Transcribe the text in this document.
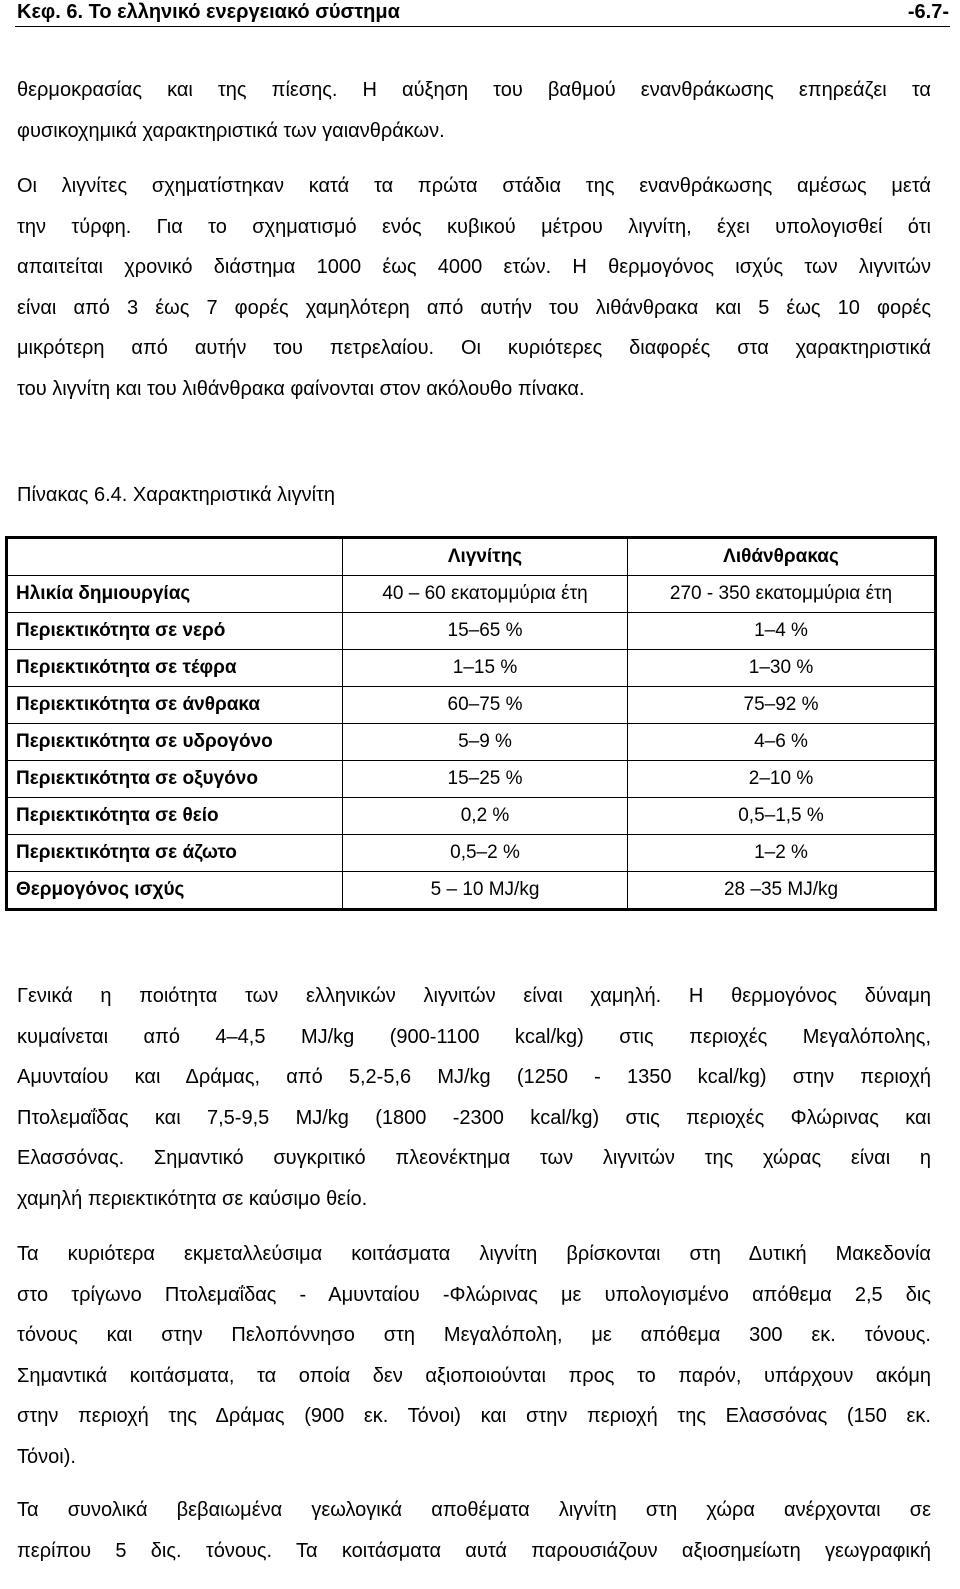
Κεφ. 6. Το ελληνικό ενεργειακό σύστημα	-6.7-
θερμοκρασίας και της πίεσης. Η αύξηση του βαθμού ενανθράκωσης επηρεάζει τα
φυσικοχημικά χαρακτηριστικά των γαιανθράκων.
Οι λιγνίτες σχηματίστηκαν κατά τα πρώτα στάδια της ενανθράκωσης αμέσως μετά
την τύρφη. Για το σχηματισμό ενός κυβικού μέτρου λιγνίτη, έχει υπολογισθεί ότι
απαιτείται χρονικό διάστημα 1000 έως 4000 ετών. Η θερμογόνος ισχύς των λιγνιτών
είναι από 3 έως 7 φορές χαμηλότερη από αυτήν του λιθάνθρακα και 5 έως 10 φορές
μικρότερη από αυτήν του πετρελαίου. Οι κυριότερες διαφορές στα χαρακτηριστικά
του λιγνίτη και του λιθάνθρακα φαίνονται στον ακόλουθο πίνακα.
Πίνακας 6.4. Χαρακτηριστικά λιγνίτη
	Λιγνίτης	Λιθάνθρακας
Ηλικία δημιουργίας	40 – 60 εκατομμύρια έτη	270 - 350 εκατομμύρια έτη
Περιεκτικότητα σε νερό	15–65 %	1–4 %
Περιεκτικότητα σε τέφρα	1–15 %	1–30 %
Περιεκτικότητα σε άνθρακα	60–75 %	75–92 %
Περιεκτικότητα σε υδρογόνο	5–9 %	4–6 %
Περιεκτικότητα σε οξυγόνο	15–25 %	2–10 %
Περιεκτικότητα σε θείο	0,2 %	0,5–1,5 %
Περιεκτικότητα σε άζωτο	0,5–2 %	1–2 %
Θερμογόνος ισχύς	5 – 10 MJ/kg	28 –35 MJ/kg
Γενικά η ποιότητα των ελληνικών λιγνιτών είναι χαμηλή. Η θερμογόνος δύναμη
κυμαίνεται από 4–4,5 MJ/kg (900-1100 kcal/kg) στις περιοχές Μεγαλόπολης,
Αμυνταίου και Δράμας, από 5,2-5,6 MJ/kg (1250 - 1350 kcal/kg) στην περιοχή
Πτολεμαΐδας και 7,5-9,5 MJ/kg (1800 -2300 kcal/kg) στις περιοχές Φλώρινας και
Ελασσόνας. Σημαντικό συγκριτικό πλεονέκτημα των λιγνιτών της χώρας είναι η
χαμηλή περιεκτικότητα σε καύσιμο θείο.
Τα κυριότερα εκμεταλλεύσιμα κοιτάσματα λιγνίτη βρίσκονται στη Δυτική Μακεδονία
στο τρίγωνο Πτολεμαΐδας - Αμυνταίου -Φλώρινας με υπολογισμένο απόθεμα 2,5 δις
τόνους και στην Πελοπόννησο στη Μεγαλόπολη, με απόθεμα 300 εκ. τόνους.
Σημαντικά κοιτάσματα, τα οποία δεν αξιοποιούνται προς το παρόν, υπάρχουν ακόμη
στην περιοχή της Δράμας (900 εκ. Τόνοι) και στην περιοχή της Ελασσόνας (150 εκ.
Τόνοι).
Τα συνολικά βεβαιωμένα γεωλογικά αποθέματα λιγνίτη στη χώρα ανέρχονται σε
περίπου 5 δις. τόνους. Τα κοιτάσματα αυτά παρουσιάζουν αξιοσημείωτη γεωγραφική
